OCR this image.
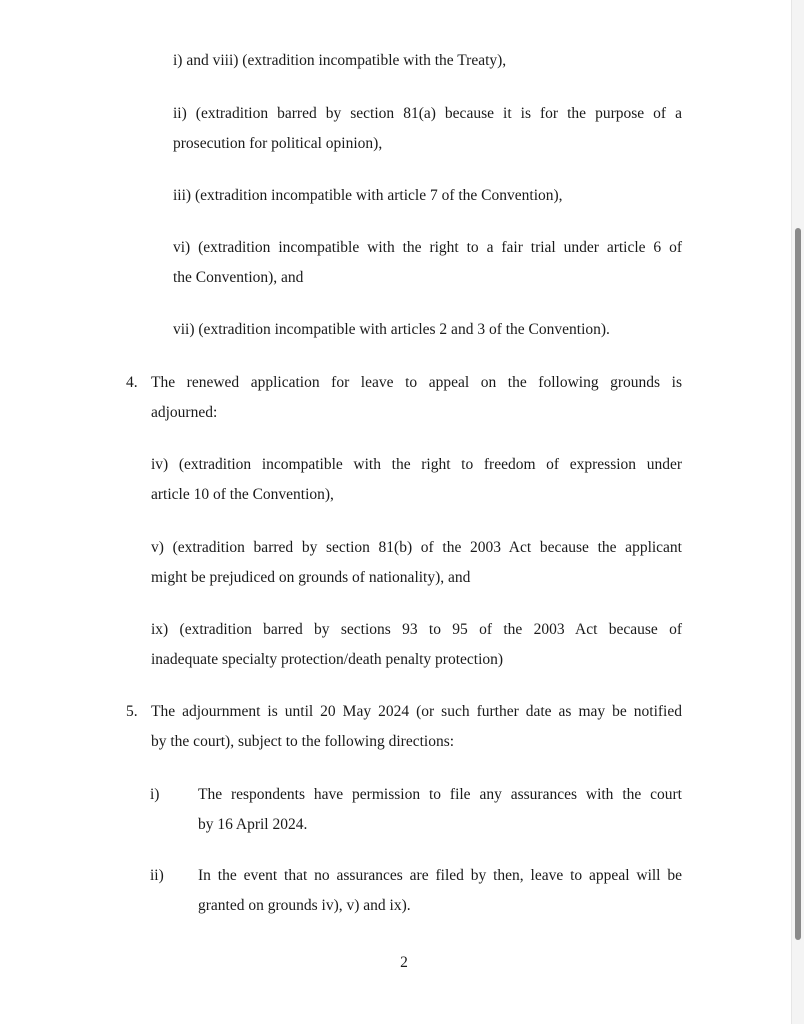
i) and viii) (extradition incompatible with the Treaty),
ii) (extradition barred by section 81(a) because it is for the purpose of a
prosecution for political opinion),
iii) (extradition incompatible with article 7 of the Convention),
vi) (extradition incompatible with the right to a fair trial under article 6 of
the Convention), and
vii) (extradition incompatible with articles 2 and 3 of the Convention).
4. The renewed application for leave to appeal on the following grounds is
adjourned:
iv) (extradition incompatible with the right to freedom of expression under
article 10 of the Convention),
v) (extradition barred by section 81(b) of the 2003 Act because the applicant
might be prejudiced on grounds of nationality), and
ix) (extradition barred by sections 93 to 95 of the 2003 Act because of
inadequate specialty protection/death penalty protection)
5. The adjournment is until 20 May 2024 (or such further date as may be notified
by the court), subject to the following directions:
i) The respondents have permission to file any assurances with the court
by 16 April 2024.
ii) In the event that no assurances are filed by then, leave to appeal will be
granted on grounds iv), v) and ix).
2
